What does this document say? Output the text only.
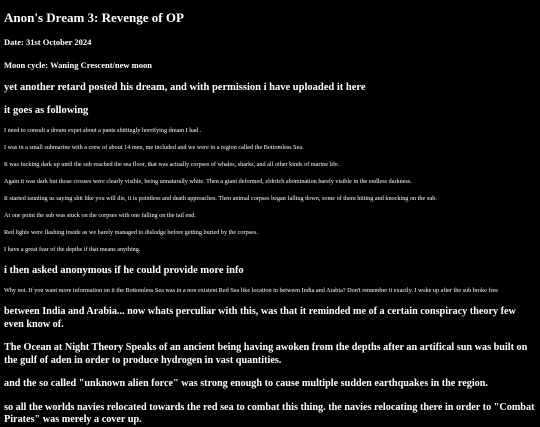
Anon's Dream 3: Revenge of OP
Date: 31st October 2024
Moon cycle: Waning Crescent/new moon
yet another retard posted his dream, and with permission i have uploaded it here
it goes as following
I need to consult a dream expet about a pants shittingly horrifying dream I had .
I was in a small submarine with a crew of about 14 men, me included and we were in a region called the Bottomless Sea.
It was fucking dark up until the sub reached the sea floor, that was actually corpses of whales, sharks, and all other kinds of marine life.
Again it was dark but those crosses were clearly visible, being unnaturally white. Then a giant deformed, eldritch abomination barely visible in the endless darkness.
It started taunting us saying shit like you will die, it is pointless and death approaches. Then animal corpses began falling down, some of them hitting and knocking on the sub.
At one point the sub was stuck on the corpses with one falling on the tail end.
Red lights were flashing inside as we barely managed to dislodge before getting buried by the corpses.
I have a great fear of the depths if that means anything.
i then asked anonymous if he could provide more info
Why not. If you want more information on it the Bottomless Sea was in a non existent Red Sea like location in between India and Arabia? Don't remember it exactly. I woke up after the sub broke free
between India and Arabia... now whats perculiar with this, was that it reminded me of a certain conspiracy theory few even know of.
The Ocean at Night Theory Speaks of an ancient being having awoken from the depths after an artifical sun was built on the gulf of aden in order to produce hydrogen in vast quantities.
and the so called "unknown alien force" was strong enough to cause multiple sudden earthquakes in the region.
so all the worlds navies relocated towards the red sea to combat this thing. the navies relocating there in order to "Combat Pirates" was merely a cover up.
